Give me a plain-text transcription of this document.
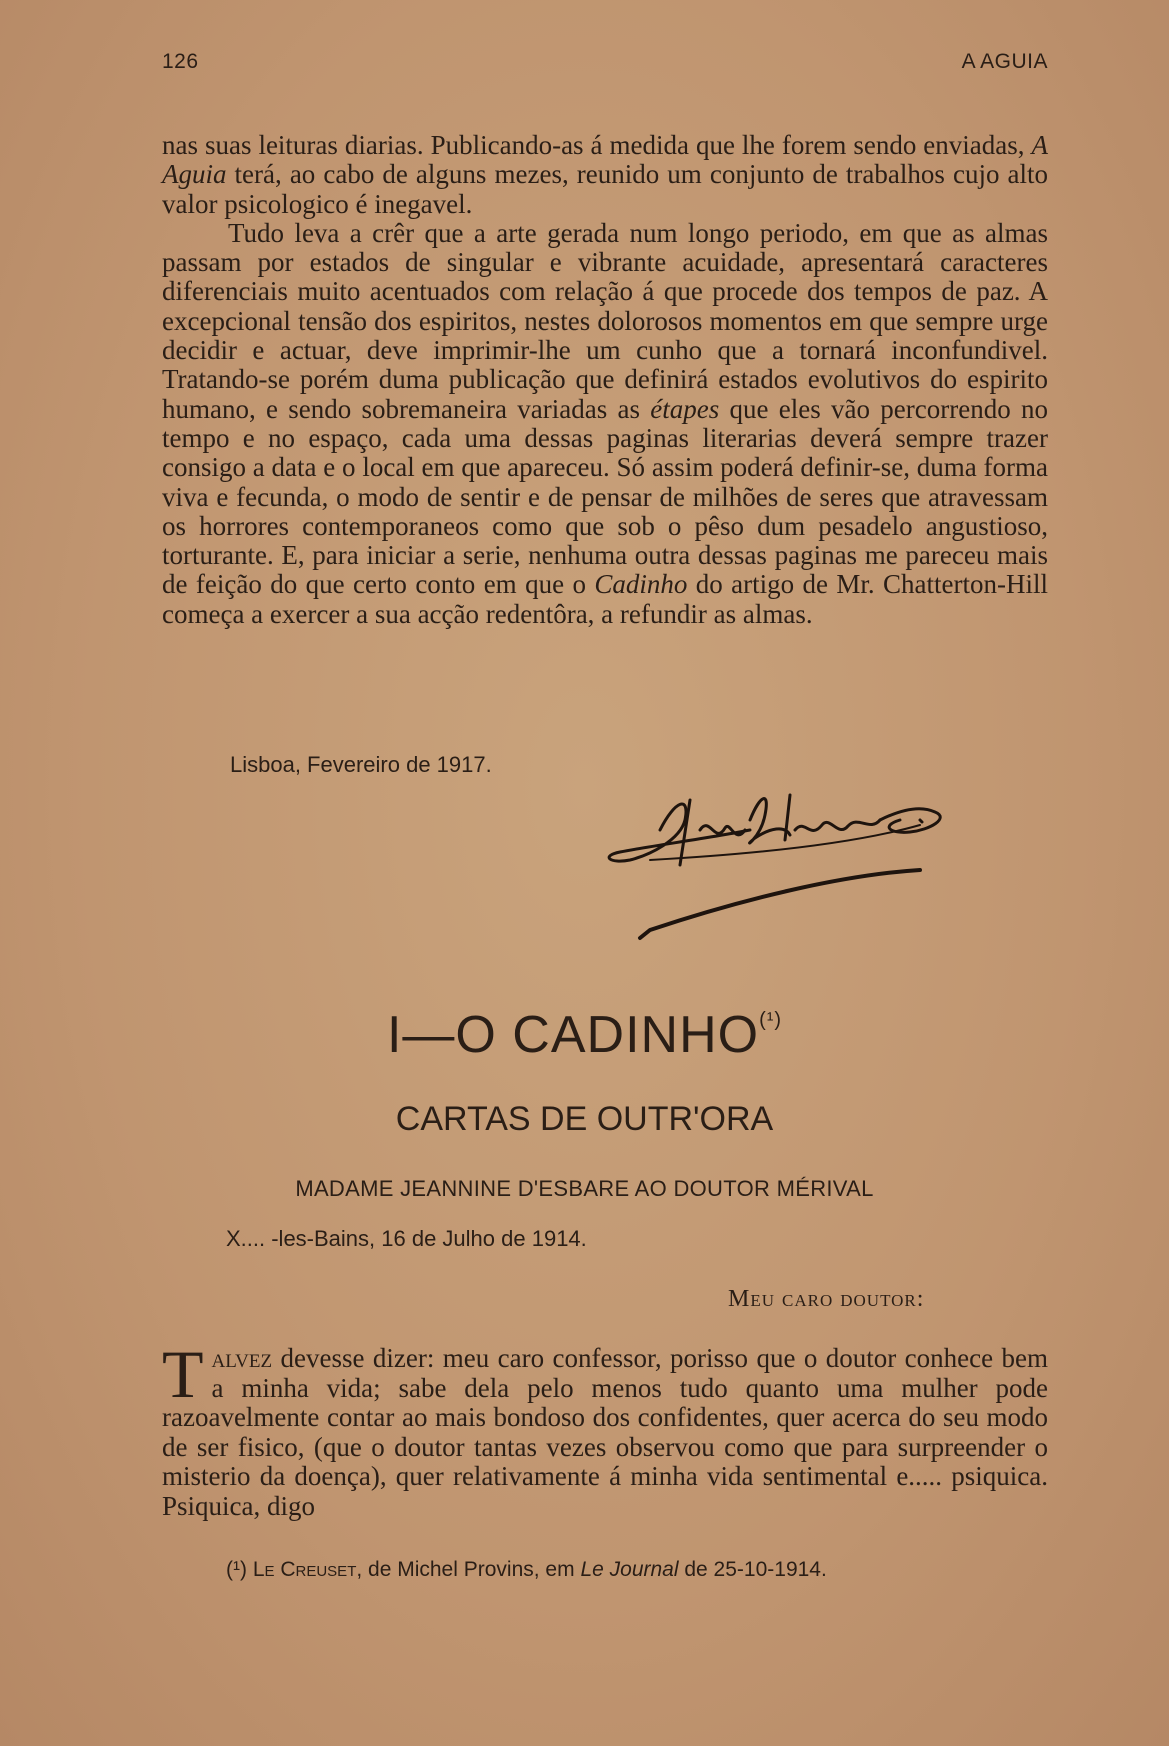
126	A AGUIA

nas suas leituras diarias. Publicando-as á medida que lhe forem sendo enviadas, A Aguia terá, ao cabo de alguns mezes, reunido um conjunto de trabalhos cujo alto valor psicologico é inegavel.

Tudo leva a crêr que a arte gerada num longo periodo, em que as almas passam por estados de singular e vibrante acuidade, apresentará caracteres diferenciais muito acentuados com relação á que procede dos tempos de paz. A excepcional tensão dos espiritos, nestes dolorosos momentos em que sempre urge decidir e actuar, deve imprimir-lhe um cunho que a tornará inconfundivel. Tratando-se porém duma publicação que definirá estados evolutivos do espirito humano, e sendo sobremaneira variadas as étapes que eles vão percorrendo no tempo e no espaço, cada uma dessas paginas literarias deverá sempre trazer consigo a data e o local em que apareceu. Só assim poderá definir-se, duma forma viva e fecunda, o modo de sentir e de pensar de milhões de seres que atravessam os horrores contemporaneos como que sob o pêso dum pesadelo angustioso, torturante. E, para iniciar a serie, nenhuma outra dessas paginas me pareceu mais de feição do que certo conto em que o Cadinho do artigo de Mr. Chatterton-Hill começa a exercer a sua acção redentôra, a refundir as almas.

Lisboa, Fevereiro de 1917.
I—O $CADINHO^{(^1)}$
CARTAS DE OUTR'ORA
MADAME JEANNINE D'ESBARE AO DOUTOR MÉRIVAL
X.... -les-Bains, 16 de Julho de 1914.
Meu caro doutor:
Talvez devesse dizer: meu caro confessor, porisso que o doutor conhece bem a minha vida; sabe dela pelo menos tudo quanto uma mulher pode razoavelmente contar ao mais bondoso dos confidentes, quer acerca do seu modo de ser fisico, (que o doutor tantas vezes observou como que para surpreender o misterio da doença), quer relativamente á minha vida sentimental e..... psiquica. Psiquica, digo
(¹) Le Creuset, de Michel Provins, em Le Journal de 25-10-1914.
